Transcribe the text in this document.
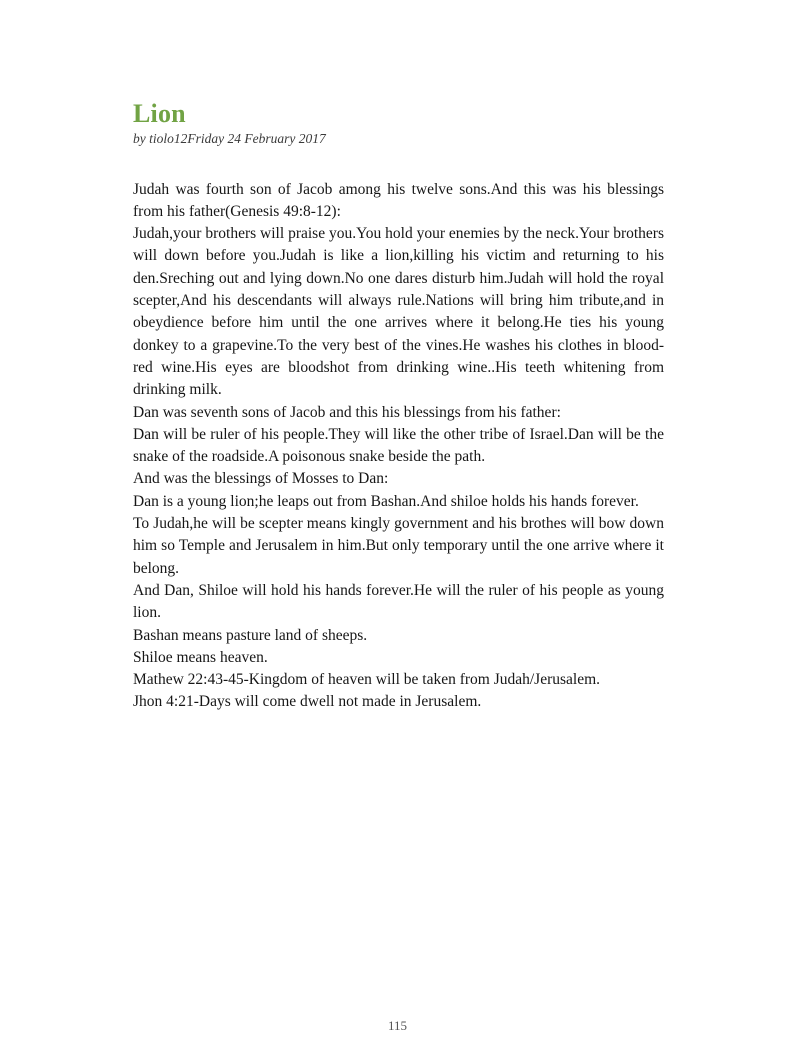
Lion
by tiolo12Friday 24 February 2017

Judah was fourth son of Jacob among his twelve sons.And this was his blessings from his father(Genesis 49:8-12):

Judah,your brothers will praise you.You hold your enemies by the neck.Your brothers will down before you.Judah is like a lion,killing his victim and returning to his den.Sreching out and lying down.No one dares disturb him.Judah will hold the royal scepter,And his descendants will always rule.Nations will bring him tribute,and in obeydience before him until the one arrives where it belong.He ties his young donkey to a grapevine.To the very best of the vines.He washes his clothes in blood-red wine.His eyes are bloodshot from drinking wine..His teeth whitening from drinking milk.

Dan was seventh sons of Jacob and this his blessings from his father:

Dan will be ruler of his people.They will like the other tribe of Israel.Dan will be the snake of the roadside.A poisonous snake beside the path.

And was the blessings of Mosses to Dan:

Dan is a young lion;he leaps out from Bashan.And shiloe holds his hands forever.

To Judah,he will be scepter means kingly government and his brothes will bow down him so Temple and Jerusalem in him.But only temporary until the one arrive where it belong.

And Dan, Shiloe will hold his hands forever.He will the ruler of his people as young lion.

Bashan means pasture land of sheeps.

Shiloe means heaven.

Mathew 22:43-45-Kingdom of heaven will be taken from Judah/Jerusalem.

Jhon 4:21-Days will come dwell not made in Jerusalem.

115
